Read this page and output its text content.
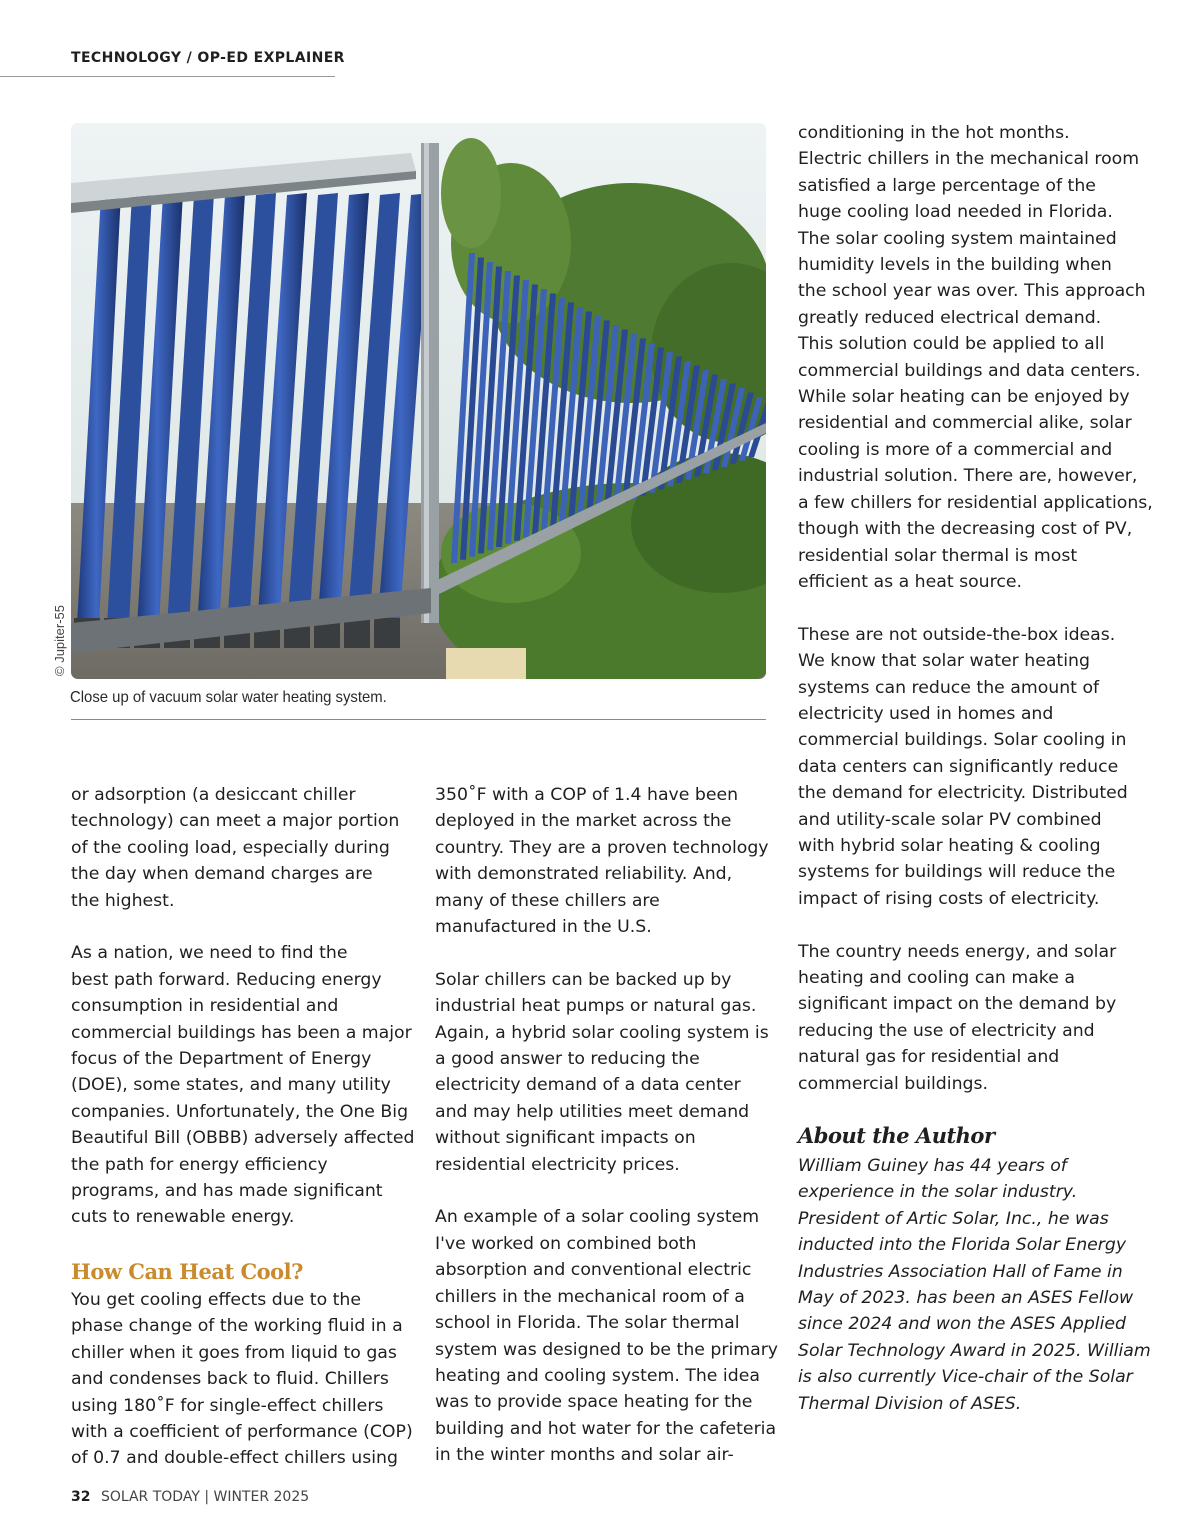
TECHNOLOGY / OP-ED EXPLAINER
© Jupiter-55
Close up of vacuum solar water heating system.

or adsorption (a desiccant chiller
technology) can meet a major portion
of the cooling load, especially during
the day when demand charges are
the highest.

As a nation, we need to find the
best path forward. Reducing energy
consumption in residential and
commercial buildings has been a major
focus of the Department of Energy
(DOE), some states, and many utility
companies. Unfortunately, the One Big
Beautiful Bill (OBBB) adversely affected
the path for energy efficiency
programs, and has made significant
cuts to renewable energy.

How Can Heat Cool?

You get cooling effects due to the
phase change of the working fluid in a
chiller when it goes from liquid to gas
and condenses back to fluid. Chillers
using 180˚F for single-effect chillers
with a coefficient of performance (COP)
of 0.7 and double-effect chillers using

350˚F with a COP of 1.4 have been
deployed in the market across the
country. They are a proven technology
with demonstrated reliability. And,
many of these chillers are
manufactured in the U.S.

Solar chillers can be backed up by
industrial heat pumps or natural gas.
Again, a hybrid solar cooling system is
a good answer to reducing the
electricity demand of a data center
and may help utilities meet demand
without significant impacts on
residential electricity prices.

An example of a solar cooling system
I've worked on combined both
absorption and conventional electric
chillers in the mechanical room of a
school in Florida. The solar thermal
system was designed to be the primary
heating and cooling system. The idea
was to provide space heating for the
building and hot water for the cafeteria
in the winter months and solar air-

conditioning in the hot months.
Electric chillers in the mechanical room
satisfied a large percentage of the
huge cooling load needed in Florida.
The solar cooling system maintained
humidity levels in the building when
the school year was over. This approach
greatly reduced electrical demand.
This solution could be applied to all
commercial buildings and data centers.
While solar heating can be enjoyed by
residential and commercial alike, solar
cooling is more of a commercial and
industrial solution. There are, however,
a few chillers for residential applications,
though with the decreasing cost of PV,
residential solar thermal is most
efficient as a heat source.

These are not outside-the-box ideas.
We know that solar water heating
systems can reduce the amount of
electricity used in homes and
commercial buildings. Solar cooling in
data centers can significantly reduce
the demand for electricity. Distributed
and utility-scale solar PV combined
with hybrid solar heating & cooling
systems for buildings will reduce the
impact of rising costs of electricity.

The country needs energy, and solar
heating and cooling can make a
significant impact on the demand by
reducing the use of electricity and
natural gas for residential and
commercial buildings.

About the Author

William Guiney has 44 years of
experience in the solar industry.
President of Artic Solar, Inc., he was
inducted into the Florida Solar Energy
Industries Association Hall of Fame in
May of 2023. has been an ASES Fellow
since 2024 and won the ASES Applied
Solar Technology Award in 2025. William
is also currently Vice-chair of the Solar
Thermal Division of ASES.

32 SOLAR TODAY | WINTER 2025
